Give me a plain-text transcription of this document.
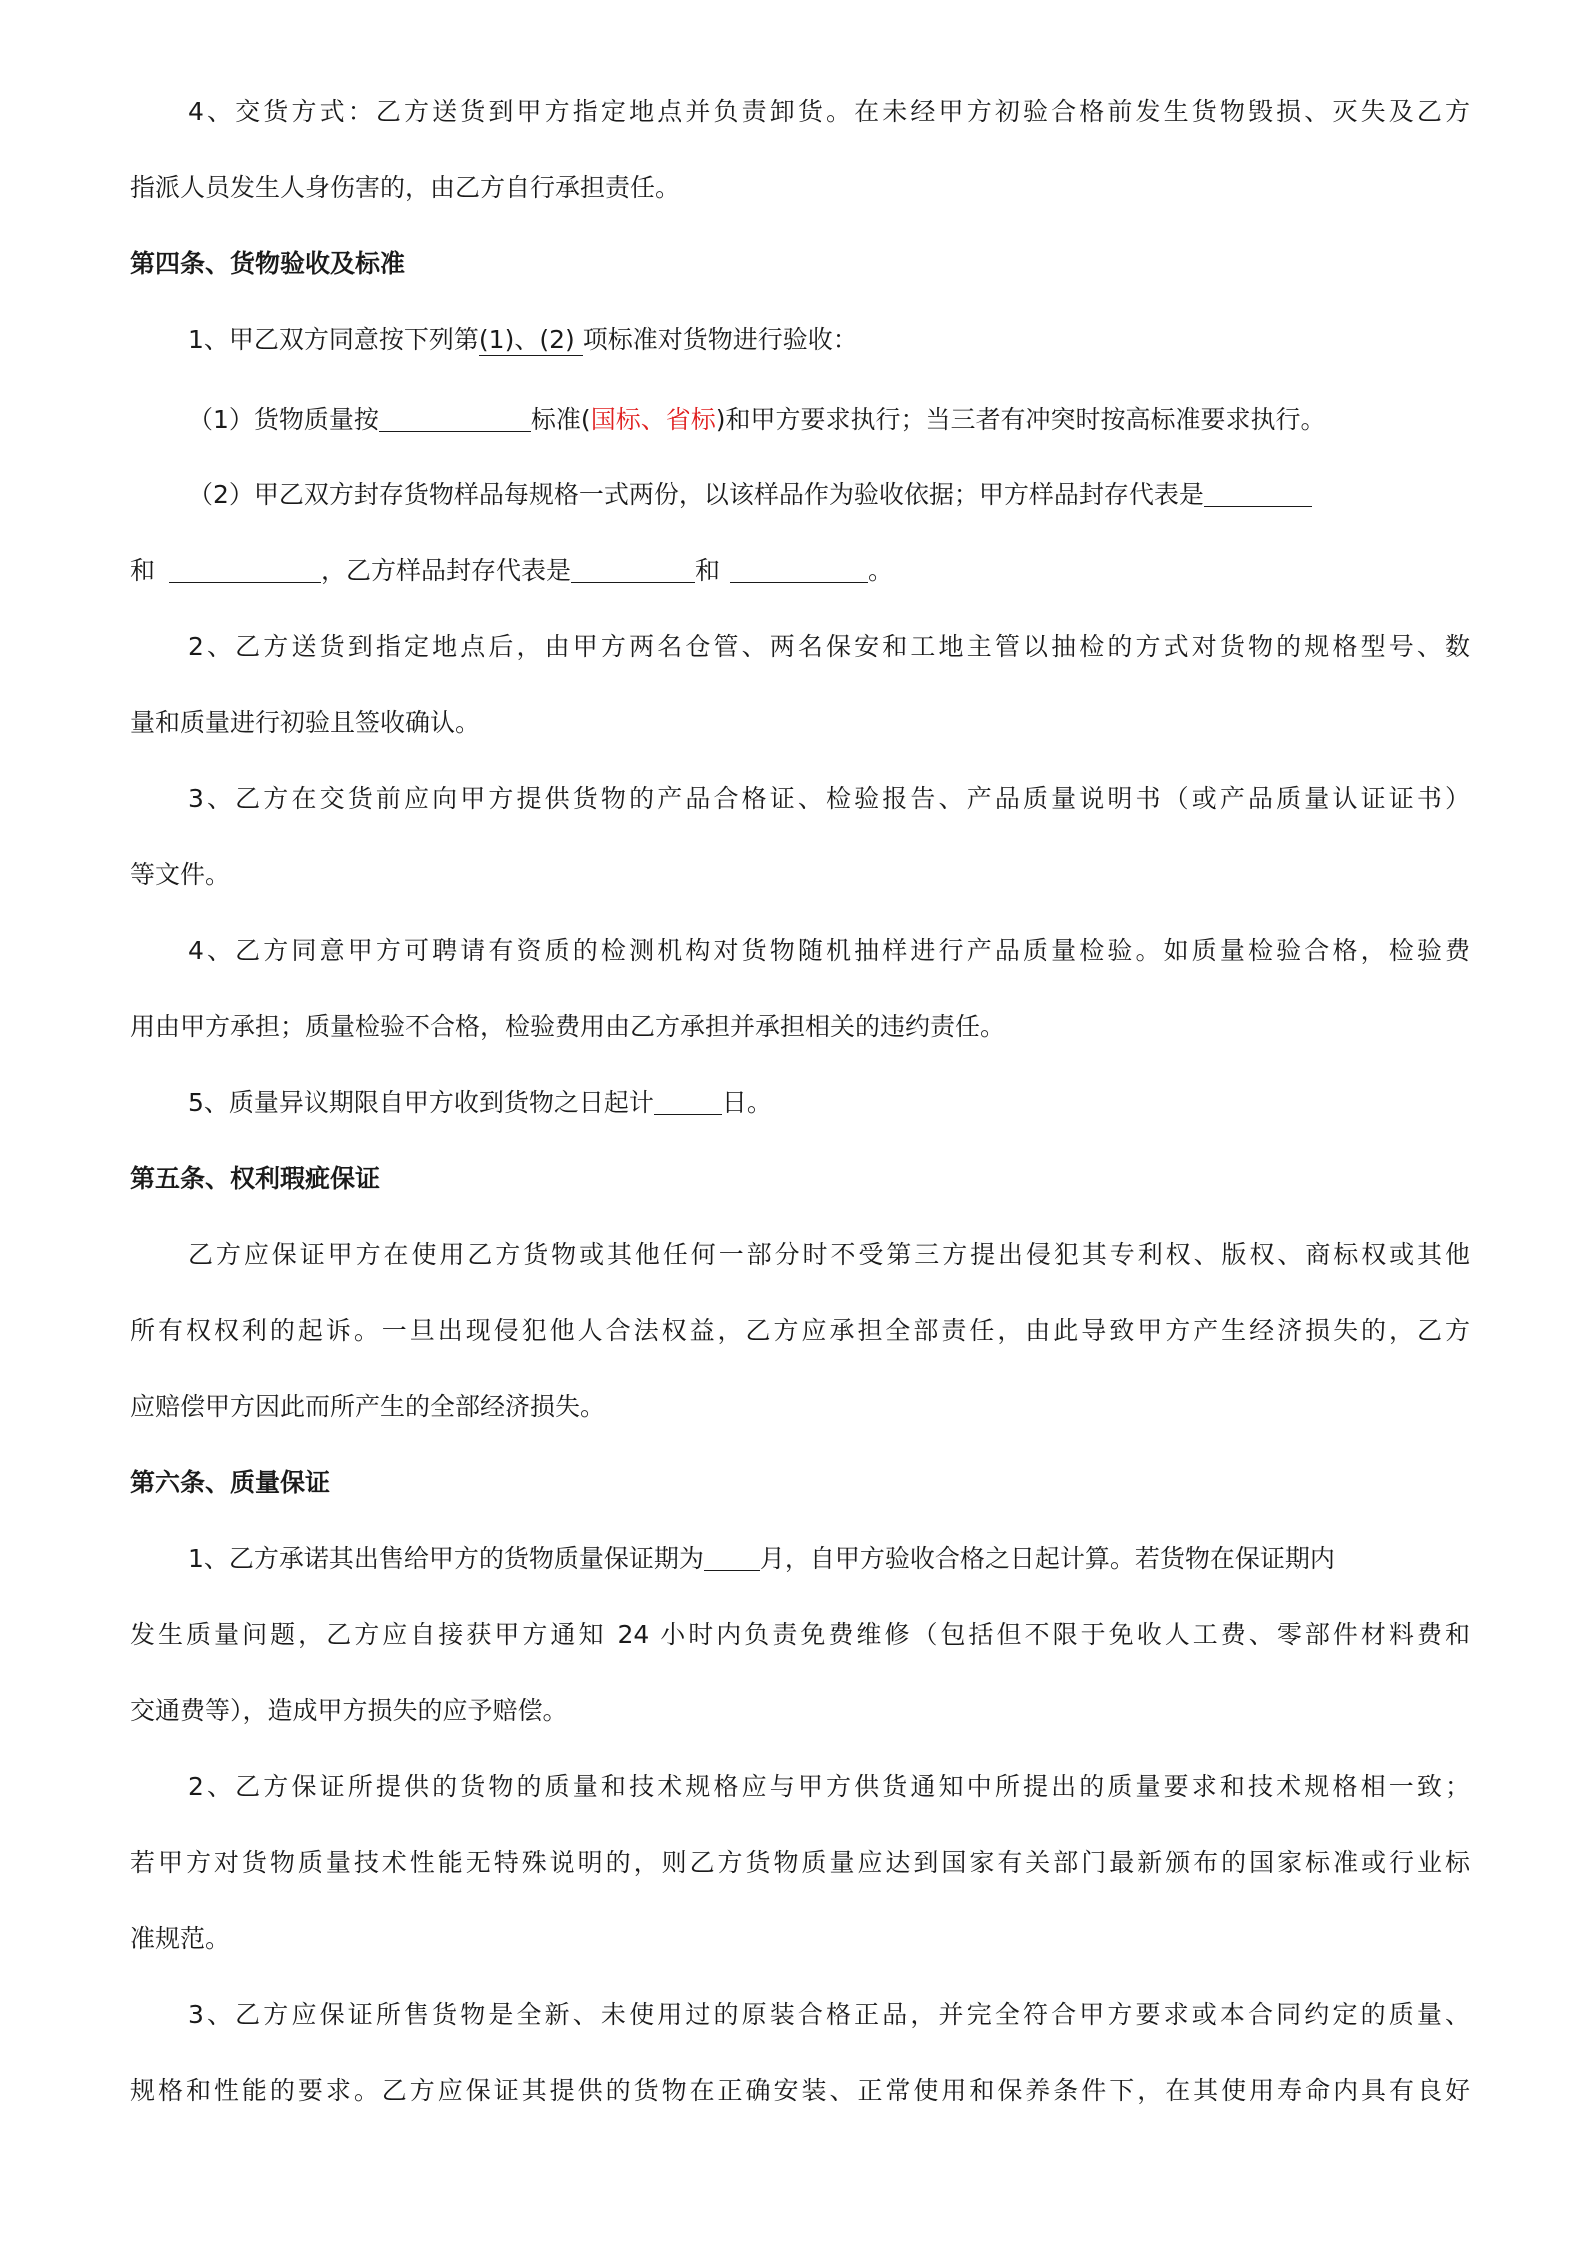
4、交货方式：乙方送货到甲方指定地点并负责卸货。在未经甲方初验合格前发生货物毁损、灭失及乙方
指派人员发生人身伤害的，由乙方自行承担责任。
第四条、货物验收及标准
1、甲乙双方同意按下列第(1)、(2) 项标准对货物进行验收：
（1）货物质量按	标准(国标、省标)和甲方要求执行；当三者有冲突时按高标准要求执行。
（2）甲乙双方封存货物样品每规格一式两份，以该样品作为验收依据；甲方样品封存代表是
和	，乙方样品封存代表是	和	。
2、乙方送货到指定地点后，由甲方两名仓管、两名保安和工地主管以抽检的方式对货物的规格型号、数
量和质量进行初验且签收确认。
3、乙方在交货前应向甲方提供货物的产品合格证、检验报告、产品质量说明书（或产品质量认证证书）
等文件。
4、乙方同意甲方可聘请有资质的检测机构对货物随机抽样进行产品质量检验。如质量检验合格，检验费
用由甲方承担；质量检验不合格，检验费用由乙方承担并承担相关的违约责任。
5、质量异议期限自甲方收到货物之日起计	日。
第五条、权利瑕疵保证
乙方应保证甲方在使用乙方货物或其他任何一部分时不受第三方提出侵犯其专利权、版权、商标权或其他
所有权权利的起诉。一旦出现侵犯他人合法权益，乙方应承担全部责任，由此导致甲方产生经济损失的，乙方
应赔偿甲方因此而所产生的全部经济损失。
第六条、质量保证
1、乙方承诺其出售给甲方的货物质量保证期为 月，自甲方验收合格之日起计算。若货物在保证期内
发生质量问题，乙方应自接获甲方通知 24 小时内负责免费维修（包括但不限于免收人工费、零部件材料费和
交通费等），造成甲方损失的应予赔偿。
2、乙方保证所提供的货物的质量和技术规格应与甲方供货通知中所提出的质量要求和技术规格相一致；
若甲方对货物质量技术性能无特殊说明的，则乙方货物质量应达到国家有关部门最新颁布的国家标准或行业标
准规范。
3、乙方应保证所售货物是全新、未使用过的原装合格正品，并完全符合甲方要求或本合同约定的质量、
规格和性能的要求。乙方应保证其提供的货物在正确安装、正常使用和保养条件下，在其使用寿命内具有良好
